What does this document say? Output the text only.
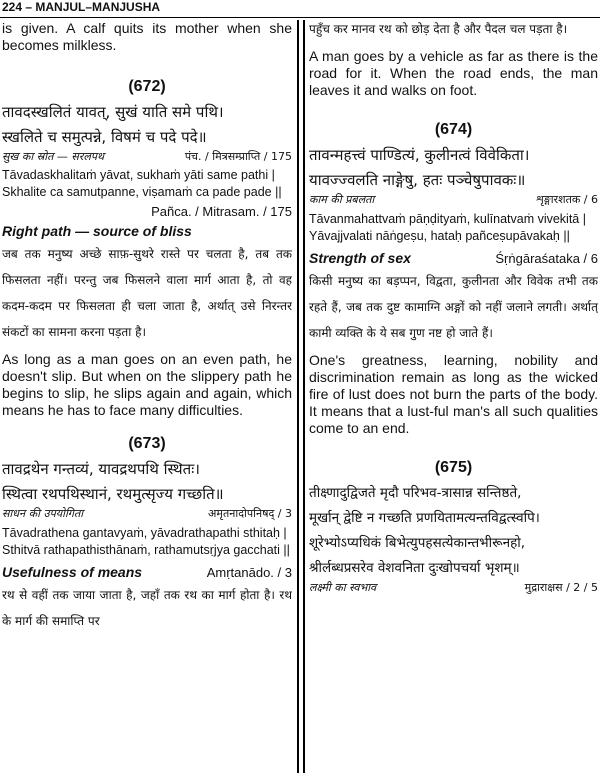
224 – MANJUL–MANJUSHA

is given. A calf quits its mother when she becomes milkless.

(672)

तावदस्खलितं यावत्, सुखं याति समे पथि।

स्खलिते च समुत्पन्ने, विषमं च पदे पदे॥

सुख का स्रोत — सरलपथ	पंच. / मित्रसम्प्राप्ति / 175

Tāvadaskhalitaṁ yāvat, sukhaṁ yāti same pathi |

Skhalite ca samutpanne, viṣamaṁ ca pade pade ||

Pañca. / Mitrasam. / 175

Right path — source of bliss

जब तक मनुष्य अच्छे साफ़-सुथरे रास्ते पर चलता है, तब तक फिसलता नहीं। परन्तु जब फिसलने वाला मार्ग आता है, तो वह कदम-कदम पर फिसलता ही चला जाता है, अर्थात् उसे निरन्तर संकटों का सामना करना पड़ता है।

As long as a man goes on an even path, he doesn't slip. But when on the slippery path he begins to slip, he slips again and again, which means he has to face many difficulties.

(673)

तावद्रथेन गन्तव्यं, यावद्रथपथि स्थितः।

स्थित्वा रथपथिस्थानं, रथमुत्सृज्य गच्छति॥

साधन की उपयोगिता	अमृतनादोपनिषद् / 3

Tāvadrathena gantavyaṁ, yāvadrathapathi sthitaḥ |

Sthitvā rathapathisthānaṁ, rathamutsṛjya gacchati ||

Usefulness of means	Amṛtanādo. / 3

रथ से वहीं तक जाया जाता है, जहाँ तक रथ का मार्ग होता है। रथ के मार्ग की समाप्ति पर

पहुँच कर मानव रथ को छोड़ देता है और पैदल चल पड़ता है।

A man goes by a vehicle as far as there is the road for it. When the road ends, the man leaves it and walks on foot.

(674)

तावन्महत्त्वं पाण्डित्यं, कुलीनत्वं विवेकिता।

यावज्ज्वलति नाङ्गेषु, हतः पञ्चेषुपावकः॥

काम की प्रबलता	शृङ्गारशतक / 6

Tāvanmahattvaṁ pāṇḍityaṁ, kulīnatvaṁ vivekitā |

Yāvajjvalati nāṅgeṣu, hataḥ pañceṣupāvakaḥ ||

Strength of sex	Śṛṅgāraśataka / 6

किसी मनुष्य का बड़प्पन, विद्वता, कुलीनता और विवेक तभी तक रहते हैं, जब तक दुष्ट कामाग्नि अङ्गों को नहीं जलाने लगती। अर्थात् कामी व्यक्ति के ये सब गुण नष्ट हो जाते हैं।

One's greatness, learning, nobility and discrimination remain as long as the wicked fire of lust does not burn the parts of the body. It means that a lust-ful man's all such qualities come to an end.

(675)

तीक्ष्णादुद्विजते मृदौ परिभव-त्रासान्न सन्तिष्ठते,

मूर्खान् द्वेष्टि न गच्छति प्रणयितामत्यन्तविद्वत्स्वपि।

शूरेभ्योऽप्यधिकं बिभेत्युपहसत्येकान्तभीरूनहो,

श्रीर्लब्धप्रसरेव वेशवनिता दुःखोपचर्या भृशम्॥

लक्ष्मी का स्वभाव	मुद्राराक्षस / 2 / 5
